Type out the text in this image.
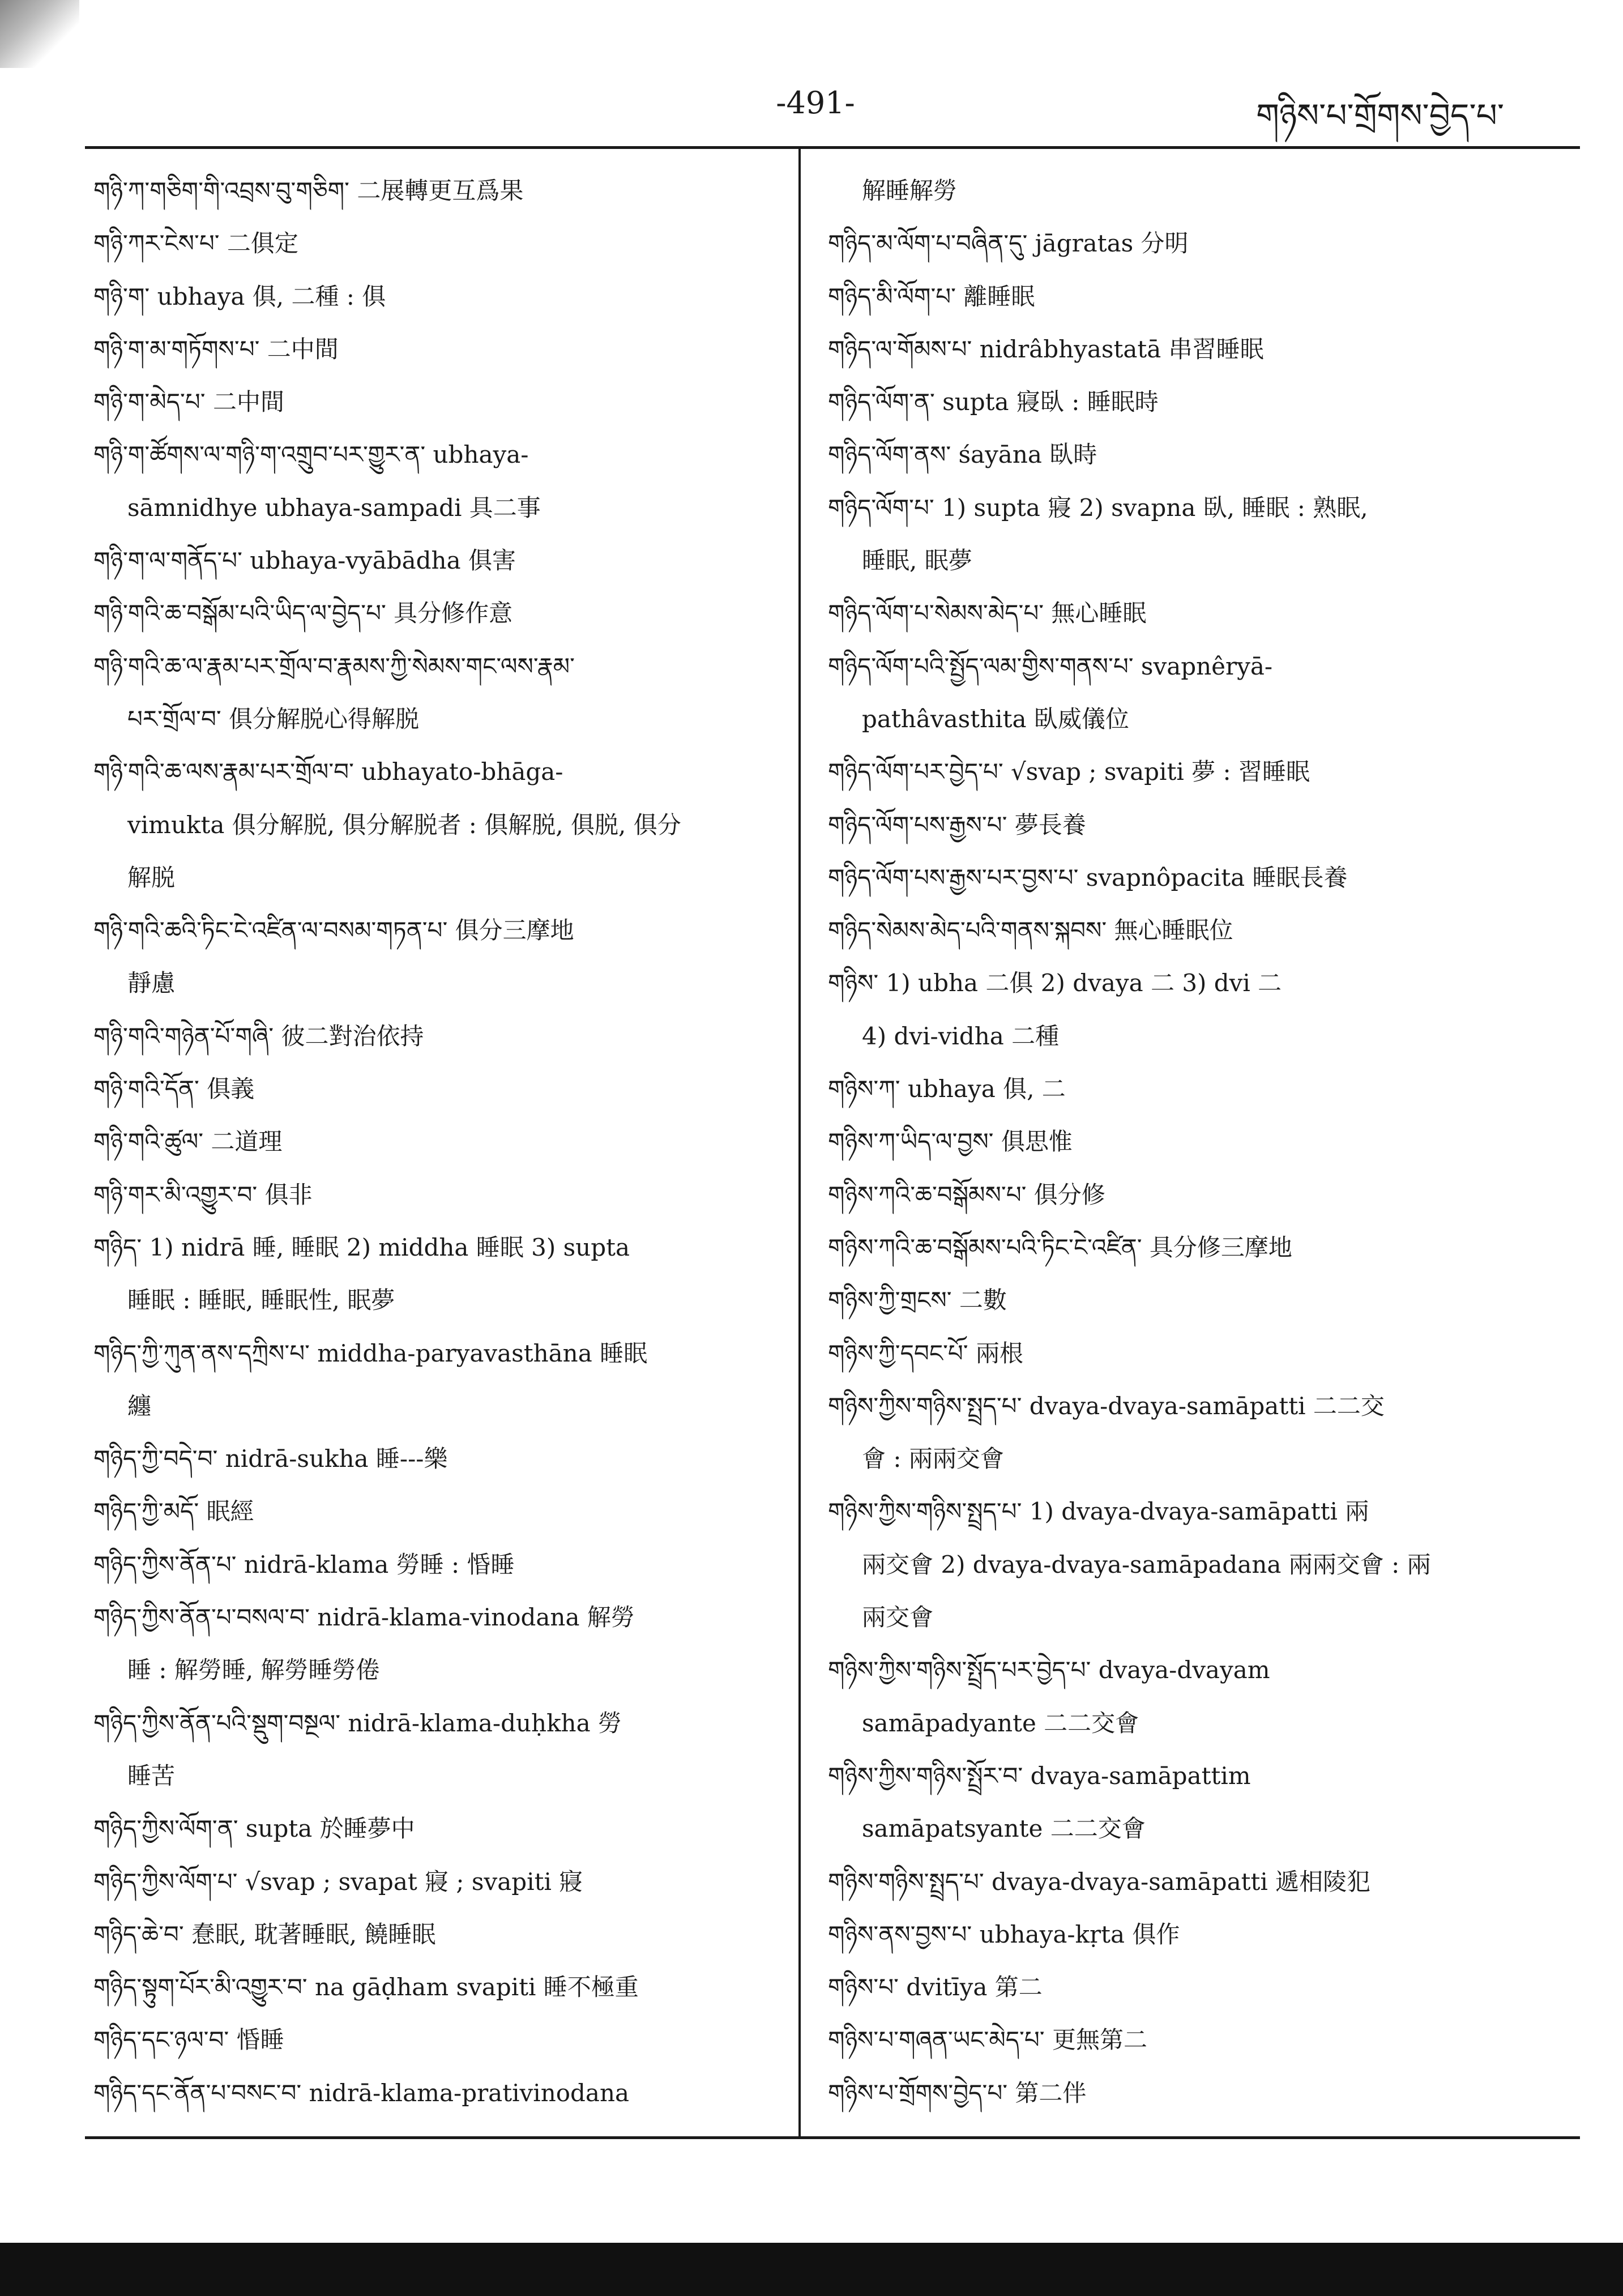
-491-	གཉིས་པ་གྲོགས་བྱེད་པ་
གཉི་ཀ་གཅིག་གི་འབྲས་བུ་གཅིག་ 二展轉更互爲果
གཉི་ཀར་ངེས་པ་ 二俱定
གཉི་ག་ ubhaya 俱, 二種 : 俱
གཉི་ག་མ་གཏོགས་པ་ 二中間
གཉི་ག་མེད་པ་ 二中間
གཉི་ག་ཚོགས་ལ་གཉི་ག་འགྲུབ་པར་གྱུར་ན་ ubhaya-
sāmnidhye ubhaya-sampadi 具二事
གཉི་ག་ལ་གནོད་པ་ ubhaya-vyābādha 俱害
གཉི་གའི་ཆ་བསྒོམ་པའི་ཡིད་ལ་བྱེད་པ་ 具分修作意
གཉི་གའི་ཆ་ལ་རྣམ་པར་གྲོལ་བ་རྣམས་ཀྱི་སེམས་གང་ལས་རྣམ་
པར་གྲོལ་བ་ 俱分解脱心得解脱
གཉི་གའི་ཆ་ལས་རྣམ་པར་གྲོལ་བ་ ubhayato-bhāga-
vimukta 俱分解脱, 俱分解脱者 : 俱解脱, 俱脱, 俱分
解脱
གཉི་གའི་ཆའི་ཏིང་ངེ་འཛིན་ལ་བསམ་གཏན་པ་ 俱分三摩地
靜慮
གཉི་གའི་གཉེན་པོ་གཞི་ 彼二對治依持
གཉི་གའི་དོན་ 俱義
གཉི་གའི་ཚུལ་ 二道理
གཉི་གར་མི་འགྱུར་བ་ 俱非
གཉིད་ 1) nidrā 睡, 睡眠 2) middha 睡眠 3) supta
睡眠 : 睡眠, 睡眠性, 眠夢
གཉིད་ཀྱི་ཀུན་ནས་དཀྲིས་པ་ middha-paryavasthāna 睡眠
纏
གཉིད་ཀྱི་བདེ་བ་ nidrā-sukha 睡---樂
གཉིད་ཀྱི་མདོ་ 眠經
གཉིད་ཀྱིས་ནོན་པ་ nidrā-klama 勞睡 : 惛睡
གཉིད་ཀྱིས་ནོན་པ་བསལ་བ་ nidrā-klama-vinodana 解勞
睡 : 解勞睡, 解勞睡勞倦
གཉིད་ཀྱིས་ནོན་པའི་སྡུག་བསྔལ་ nidrā-klama-duḥkha 勞
睡苦
གཉིད་ཀྱིས་ལོག་ན་ supta 於睡夢中
གཉིད་ཀྱིས་ལོག་པ་ √svap ; svapat 寢 ; svapiti 寢
གཉིད་ཆེ་བ་ 惷眠, 耽著睡眠, 饒睡眠
གཉིད་སྟུག་པོར་མི་འགྱུར་བ་ na gāḍham svapiti 睡不極重
གཉིད་དང་ཉལ་བ་ 惛睡
གཉིད་དང་ནོན་པ་བསང་བ་ nidrā-klama-prativinodana
解睡解勞
གཉིད་མ་ལོག་པ་བཞིན་དུ་ jāgratas 分明
གཉིད་མི་ལོག་པ་ 離睡眠
གཉིད་ལ་གོམས་པ་ nidrâbhyastatā 串習睡眠
གཉིད་ལོག་ན་ supta 寢臥 : 睡眠時
གཉིད་ལོག་ནས་ śayāna 臥時
གཉིད་ལོག་པ་ 1) supta 寢 2) svapna 臥, 睡眠 : 熟眠,
睡眠, 眠夢
གཉིད་ལོག་པ་སེམས་མེད་པ་ 無心睡眠
གཉིད་ལོག་པའི་སྤྱོད་ལམ་གྱིས་གནས་པ་ svapnêryā-
pathâvasthita 臥威儀位
གཉིད་ལོག་པར་བྱེད་པ་ √svap ; svapiti 夢 : 習睡眠
གཉིད་ལོག་པས་རྒྱས་པ་ 夢長養
གཉིད་ལོག་པས་རྒྱས་པར་བྱས་པ་ svapnôpacita 睡眠長養
གཉིད་སེམས་མེད་པའི་གནས་སྐབས་ 無心睡眠位
གཉིས་ 1) ubha 二俱 2) dvaya 二 3) dvi 二
4) dvi-vidha 二種
གཉིས་ཀ་ ubhaya 俱, 二
གཉིས་ཀ་ཡིད་ལ་བྱས་ 俱思惟
གཉིས་ཀའི་ཆ་བསྒོམས་པ་ 俱分修
གཉིས་ཀའི་ཆ་བསྒོམས་པའི་ཏིང་ངེ་འཛིན་ 具分修三摩地
གཉིས་ཀྱི་གྲངས་ 二數
གཉིས་ཀྱི་དབང་པོ་ 兩根
གཉིས་ཀྱིས་གཉིས་སྤྲད་པ་ dvaya-dvaya-samāpatti 二二交
會 : 兩兩交會
གཉིས་ཀྱིས་གཉིས་སྤྲད་པ་ 1) dvaya-dvaya-samāpatti 兩
兩交會 2) dvaya-dvaya-samāpadana 兩兩交會 : 兩
兩交會
གཉིས་ཀྱིས་གཉིས་སྤྲོད་པར་བྱེད་པ་ dvaya-dvayam
samāpadyante 二二交會
གཉིས་ཀྱིས་གཉིས་སྤྲོར་བ་ dvaya-samāpattim
samāpatsyante 二二交會
གཉིས་གཉིས་སྤྲད་པ་ dvaya-dvaya-samāpatti 遞相陵犯
གཉིས་ནས་བྱས་པ་ ubhaya-kṛta 俱作
གཉིས་པ་ dvitīya 第二
གཉིས་པ་གཞན་ཡང་མེད་པ་ 更無第二
གཉིས་པ་གྲོགས་བྱེད་པ་ 第二伴
